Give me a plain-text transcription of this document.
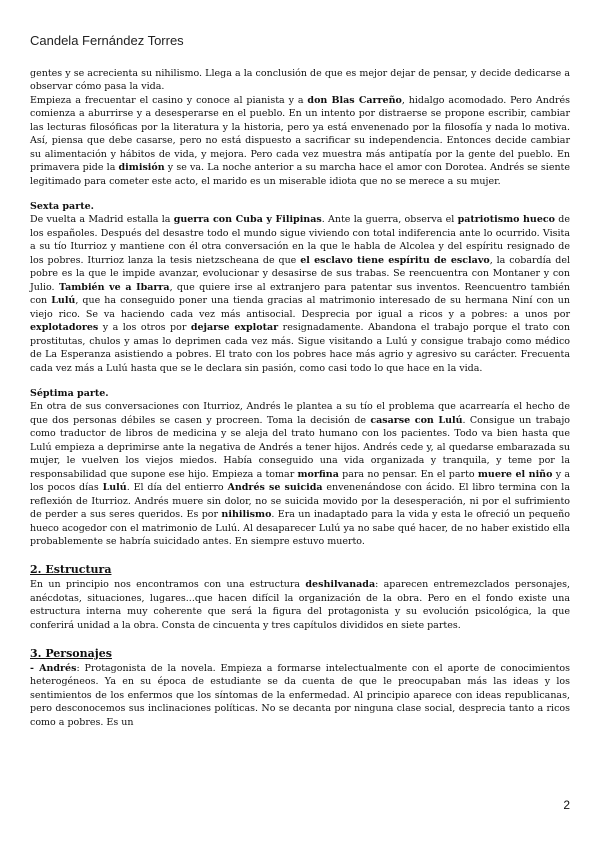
Candela Fernández Torres

gentes y se acrecienta su nihilismo. Llega a la conclusión de que es mejor dejar de pensar, y decide dedicarse a observar cómo pasa la vida.

Empieza a frecuentar el casino y conoce al pianista y a don Blas Carreño, hidalgo acomodado. Pero Andrés comienza a aburrirse y a desesperarse en el pueblo. En un intento por distraerse se propone escribir, cambiar las lecturas filosóficas por la literatura y la historia, pero ya está envenenado por la filosofía y nada lo motiva. Así, piensa que debe casarse, pero no está dispuesto a sacrificar su independencia. Entonces decide cambiar su alimentación y hábitos de vida, y mejora. Pero cada vez muestra más antipatía por la gente del pueblo. En primavera pide la dimisión y se va. La noche anterior a su marcha hace el amor con Dorotea. Andrés se siente legitimado para cometer este acto, el marido es un miserable idiota que no se merece a su mujer.

Sexta parte.

De vuelta a Madrid estalla la guerra con Cuba y Filipinas. Ante la guerra, observa el patriotismo hueco de los españoles. Después del desastre todo el mundo sigue viviendo con total indiferencia ante lo ocurrido. Visita a su tío Iturrioz y mantiene con él otra conversación en la que le habla de Alcolea y del espíritu resignado de los pobres. Iturrioz lanza la tesis nietzscheana de que el esclavo tiene espíritu de esclavo, la cobardía del pobre es la que le impide avanzar, evolucionar y desasirse de sus trabas. Se reencuentra con Montaner y con Julio. También ve a Ibarra, que quiere irse al extranjero para patentar sus inventos. Reencuentro también con Lulú, que ha conseguido poner una tienda gracias al matrimonio interesado de su hermana Niní con un viejo rico. Se va haciendo cada vez más antisocial. Desprecia por igual a ricos y a pobres: a unos por explotadores y a los otros por dejarse explotar resignadamente. Abandona el trabajo porque el trato con prostitutas, chulos y amas lo deprimen cada vez más. Sigue visitando a Lulú y consigue trabajo como médico de La Esperanza asistiendo a pobres. El trato con los pobres hace más agrio y agresivo su carácter. Frecuenta cada vez más a Lulú hasta que se le declara sin pasión, como casi todo lo que hace en la vida.

Séptima parte.

En otra de sus conversaciones con Iturrioz, Andrés le plantea a su tío el problema que acarrearía el hecho de que dos personas débiles se casen y procreen. Toma la decisión de casarse con Lulú. Consigue un trabajo como traductor de libros de medicina y se aleja del trato humano con los pacientes. Todo va bien hasta que Lulú empieza a deprimirse ante la negativa de Andrés a tener hijos. Andrés cede y, al quedarse embarazada su mujer, le vuelven los viejos miedos. Había conseguido una vida organizada y tranquila, y teme por la responsabilidad que supone ese hijo. Empieza a tomar morfina para no pensar. En el parto muere el niño y a los pocos días Lulú. El día del entierro Andrés se suicida envenenándose con ácido. El libro termina con la reflexión de Iturrioz. Andrés muere sin dolor, no se suicida movido por la desesperación, ni por el sufrimiento de perder a sus seres queridos. Es por nihilismo. Era un inadaptado para la vida y esta le ofreció un pequeño hueco acogedor con el matrimonio de Lulú. Al desaparecer Lulú ya no sabe qué hacer, de no haber existido ella probablemente se habría suicidado antes. En siempre estuvo muerto.

2. Estructura

En un principio nos encontramos con una estructura deshilvanada: aparecen entremezclados personajes, anécdotas, situaciones, lugares...que hacen difícil la organización de la obra. Pero en el fondo existe una estructura interna muy coherente que será la figura del protagonista y su evolución psicológica, la que conferirá unidad a la obra. Consta de cincuenta y tres capítulos divididos en siete partes.

3. Personajes

- Andrés: Protagonista de la novela. Empieza a formarse intelectualmente con el aporte de conocimientos heterogéneos. Ya en su época de estudiante se da cuenta de que le preocupaban más las ideas y los sentimientos de los enfermos que los síntomas de la enfermedad. Al principio aparece con ideas republicanas, pero desconocemos sus inclinaciones políticas. No se decanta por ninguna clase social, desprecia tanto a ricos como a pobres. Es un

2
